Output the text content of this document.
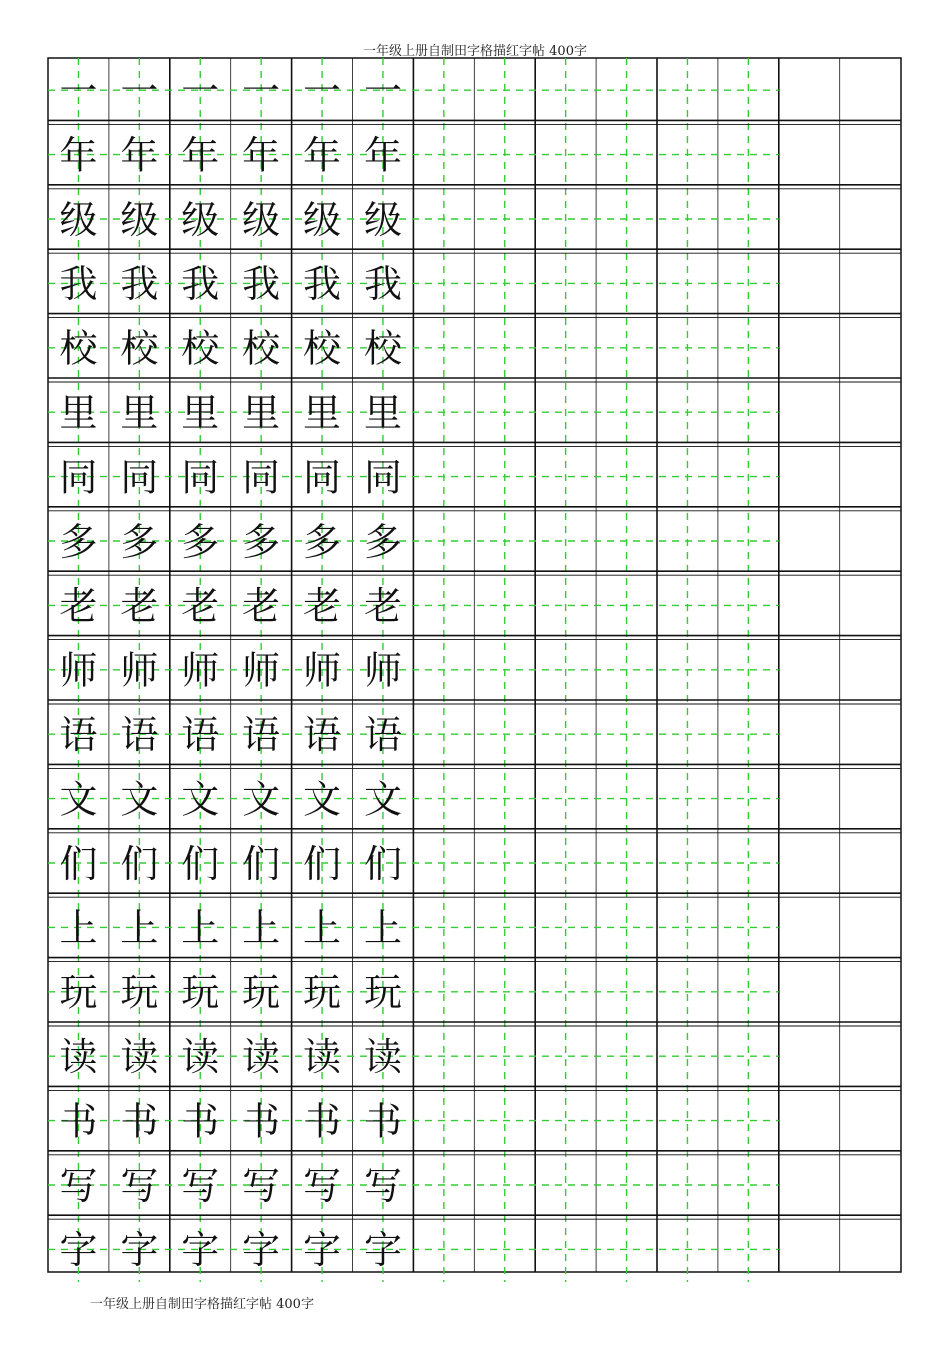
一年级上册自制田字格描红字帖 400字
一 一 一 一 一 一
年 年 年 年 年 年
级 级 级 级 级 级
我 我 我 我 我 我
校 校 校 校 校 校
里 里 里 里 里 里
同 同 同 同 同 同
多 多 多 多 多 多
老 老 老 老 老 老
师 师 师 师 师 师
语 语 语 语 语 语
文 文 文 文 文 文
们 们 们 们 们 们
上 上 上 上 上 上
玩 玩 玩 玩 玩 玩
读 读 读 读 读 读
书 书 书 书 书 书
写 写 写 写 写 写
字 字 字 字 字 字
一年级上册自制田字格描红字帖 400字
